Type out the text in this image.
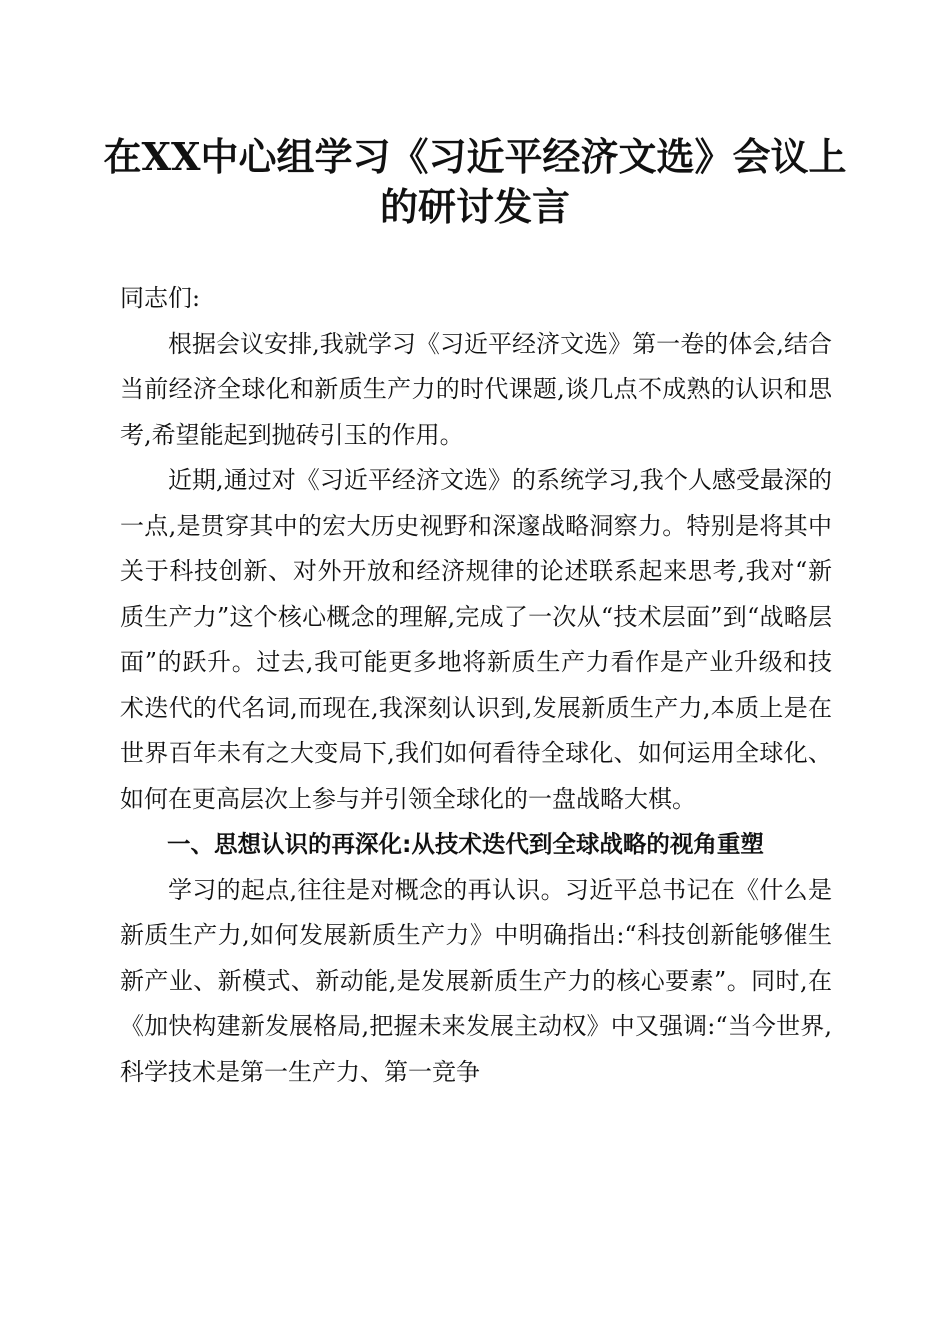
在XX中心组学习《习近平经济文选》会议上
的研讨发言

同志们:

根据会议安排,我就学习《习近平经济文选》第一卷的体会,结合当前经济全球化和新质生产力的时代课题,谈几点不成熟的认识和思考,希望能起到抛砖引玉的作用。

近期,通过对《习近平经济文选》的系统学习,我个人感受最深的一点,是贯穿其中的宏大历史视野和深邃战略洞察力。特别是将其中关于科技创新、对外开放和经济规律的论述联系起来思考,我对“新质生产力”这个核心概念的理解,完成了一次从“技术层面”到“战略层面”的跃升。过去,我可能更多地将新质生产力看作是产业升级和技术迭代的代名词,而现在,我深刻认识到,发展新质生产力,本质上是在世界百年未有之大变局下,我们如何看待全球化、如何运用全球化、如何在更高层次上参与并引领全球化的一盘战略大棋。

一、思想认识的再深化:从技术迭代到全球战略的视角重塑

学习的起点,往往是对概念的再认识。习近平总书记在《什么是新质生产力,如何发展新质生产力》中明确指出:“科技创新能够催生新产业、新模式、新动能,是发展新质生产力的核心要素”。同时,在《加快构建新发展格局,把握未来发展主动权》中又强调:“当今世界,科学技术是第一生产力、第一竞争
